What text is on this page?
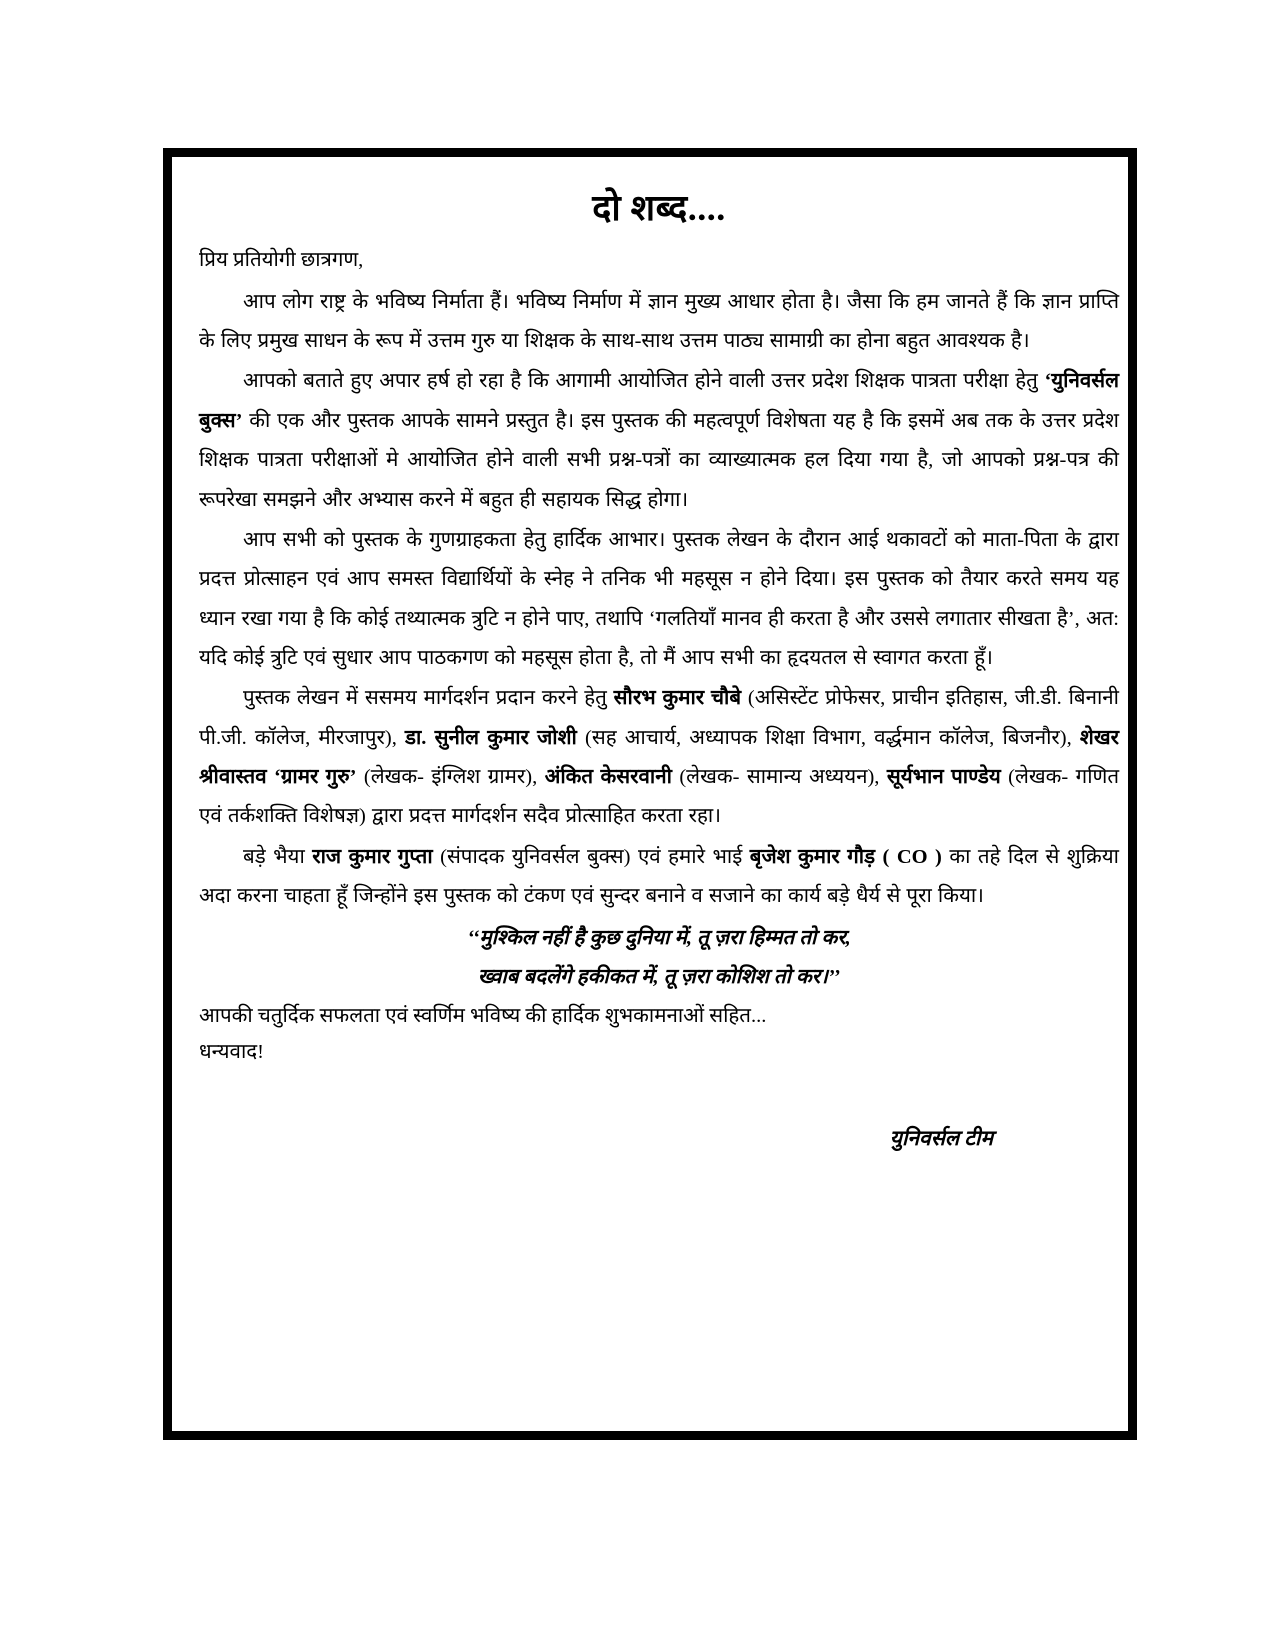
दो शब्द....

प्रिय प्रतियोगी छात्रगण,

आप लोग राष्ट्र के भविष्य निर्माता हैं। भविष्य निर्माण में ज्ञान मुख्य आधार होता है। जैसा कि हम जानते हैं कि ज्ञान प्राप्ति के लिए प्रमुख साधन के रूप में उत्तम गुरु या शिक्षक के साथ-साथ उत्तम पाठ्य सामाग्री का होना बहुत आवश्यक है।

आपको बताते हुए अपार हर्ष हो रहा है कि आगामी आयोजित होने वाली उत्तर प्रदेश शिक्षक पात्रता परीक्षा हेतु ‘युनिवर्सल बुक्स’ की एक और पुस्तक आपके सामने प्रस्तुत है। इस पुस्तक की महत्वपूर्ण विशेषता यह है कि इसमें अब तक के उत्तर प्रदेश शिक्षक पात्रता परीक्षाओं मे आयोजित होने वाली सभी प्रश्न-पत्रों का व्याख्यात्मक हल दिया गया है, जो आपको प्रश्न-पत्र की रूपरेखा समझने और अभ्यास करने में बहुत ही सहायक सिद्ध होगा।

आप सभी को पुस्तक के गुणग्राहकता हेतु हार्दिक आभार। पुस्तक लेखन के दौरान आई थकावटों को माता-पिता के द्वारा प्रदत्त प्रोत्साहन एवं आप समस्त विद्यार्थियों के स्नेह ने तनिक भी महसूस न होने दिया। इस पुस्तक को तैयार करते समय यह ध्यान रखा गया है कि कोई तथ्यात्मक त्रुटि न होने पाए, तथापि ‘गलतियाँ मानव ही करता है और उससे लगातार सीखता है’, अत: यदि कोई त्रुटि एवं सुधार आप पाठकगण को महसूस होता है, तो मैं आप सभी का हृदयतल से स्वागत करता हूँ।

पुस्तक लेखन में ससमय मार्गदर्शन प्रदान करने हेतु सौरभ कुमार चौबे (असिस्टेंट प्रोफेसर, प्राचीन इतिहास, जी.डी. बिनानी पी.जी. कॉलेज, मीरजापुर), डा. सुनील कुमार जोशी (सह आचार्य, अध्यापक शिक्षा विभाग, वर्द्धमान कॉलेज, बिजनौर), शेखर श्रीवास्तव ‘ग्रामर गुरु’ (लेखक- इंग्लिश ग्रामर), अंकित केसरवानी (लेखक- सामान्य अध्ययन), सूर्यभान पाण्डेय (लेखक- गणित एवं तर्कशक्ति विशेषज्ञ) द्वारा प्रदत्त मार्गदर्शन सदैव प्रोत्साहित करता रहा।

बड़े भैया राज कुमार गुप्ता (संपादक युनिवर्सल बुक्स) एवं हमारे भाई बृजेश कुमार गौड़ ( CO ) का तहे दिल से शुक्रिया अदा करना चाहता हूँ जिन्होंने इस पुस्तक को टंकण एवं सुन्दर बनाने व सजाने का कार्य बड़े धैर्य से पूरा किया।

‘‘मुश्किल नहीं है कुछ दुनिया में, तू ज़रा हिम्मत तो कर,

ख्वाब बदलेंगे हकीकत में, तू ज़रा कोशिश तो कर।’’

आपकी चतुर्दिक सफलता एवं स्वर्णिम भविष्य की हार्दिक शुभकामनाओं सहित...

धन्यवाद!

युनिवर्सल टीम
